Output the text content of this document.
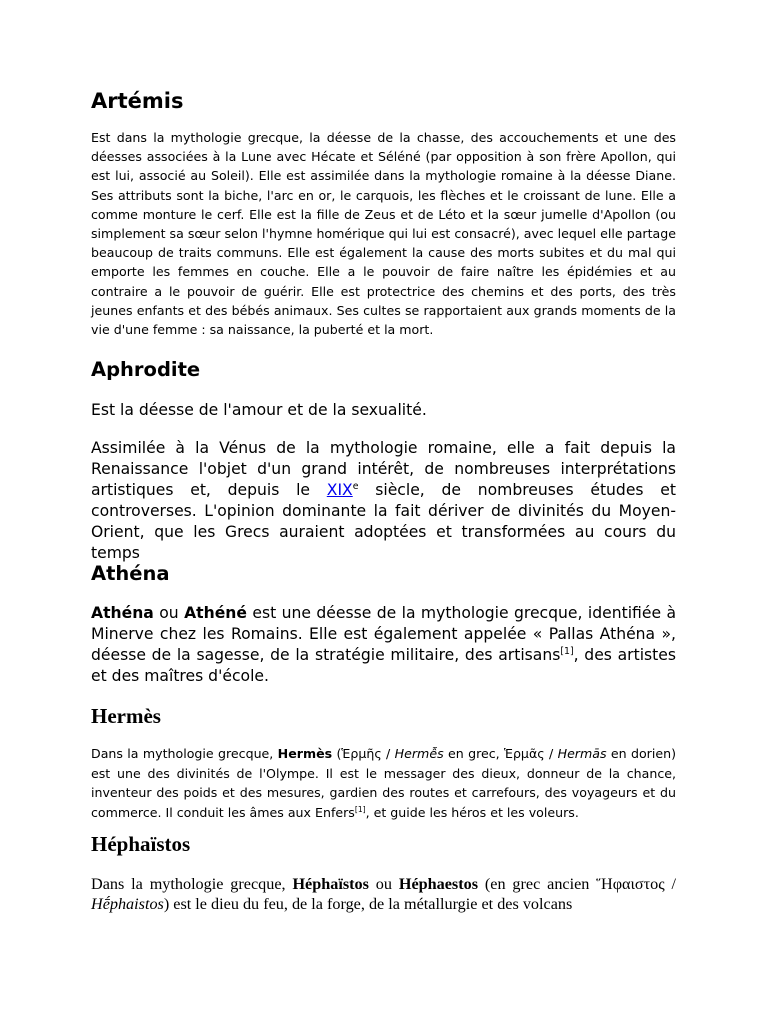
Artémis

Est dans la mythologie grecque, la déesse de la chasse, des accouchements et une des déesses associées à la Lune avec Hécate et Séléné (par opposition à son frère Apollon, qui est lui, associé au Soleil). Elle est assimilée dans la mythologie romaine à la déesse Diane. Ses attributs sont la biche, l'arc en or, le carquois, les flèches et le croissant de lune. Elle a comme monture le cerf. Elle est la fille de Zeus et de Léto et la sœur jumelle d'Apollon (ou simplement sa sœur selon l'hymne homérique qui lui est consacré), avec lequel elle partage beaucoup de traits communs. Elle est également la cause des morts subites et du mal qui emporte les femmes en couche. Elle a le pouvoir de faire naître les épidémies et au contraire a le pouvoir de guérir. Elle est protectrice des chemins et des ports, des très jeunes enfants et des bébés animaux. Ses cultes se rapportaient aux grands moments de la vie d'une femme : sa naissance, la puberté et la mort.

Aphrodite

Est la déesse de l'amour et de la sexualité.

Assimilée à la Vénus de la mythologie romaine, elle a fait depuis la Renaissance l'objet d'un grand intérêt, de nombreuses interprétations artistiques et, depuis le XIXe siècle, de nombreuses études et controverses. L'opinion dominante la fait dériver de divinités du Moyen-Orient, que les Grecs auraient adoptées et transformées au cours du temps

Athéna

Athéna ou Athéné est une déesse de la mythologie grecque, identifiée à Minerve chez les Romains. Elle est également appelée « Pallas Athéna », déesse de la sagesse, de la stratégie militaire, des artisans[1], des artistes et des maîtres d'école.

Hermès

Dans la mythologie grecque, Hermès (Ἑρμῆς / Hermễs en grec, Ἑρμᾶς / Hermās en dorien) est une des divinités de l'Olympe. Il est le messager des dieux, donneur de la chance, inventeur des poids et des mesures, gardien des routes et carrefours, des voyageurs et du commerce. Il conduit les âmes aux Enfers[1], et guide les héros et les voleurs.

Héphaïstos

Dans la mythologie grecque, Héphaïstos ou Héphaestos (en grec ancien Ἥφαιστος / Hḗphaistos) est le dieu du feu, de la forge, de la métallurgie et des volcans
